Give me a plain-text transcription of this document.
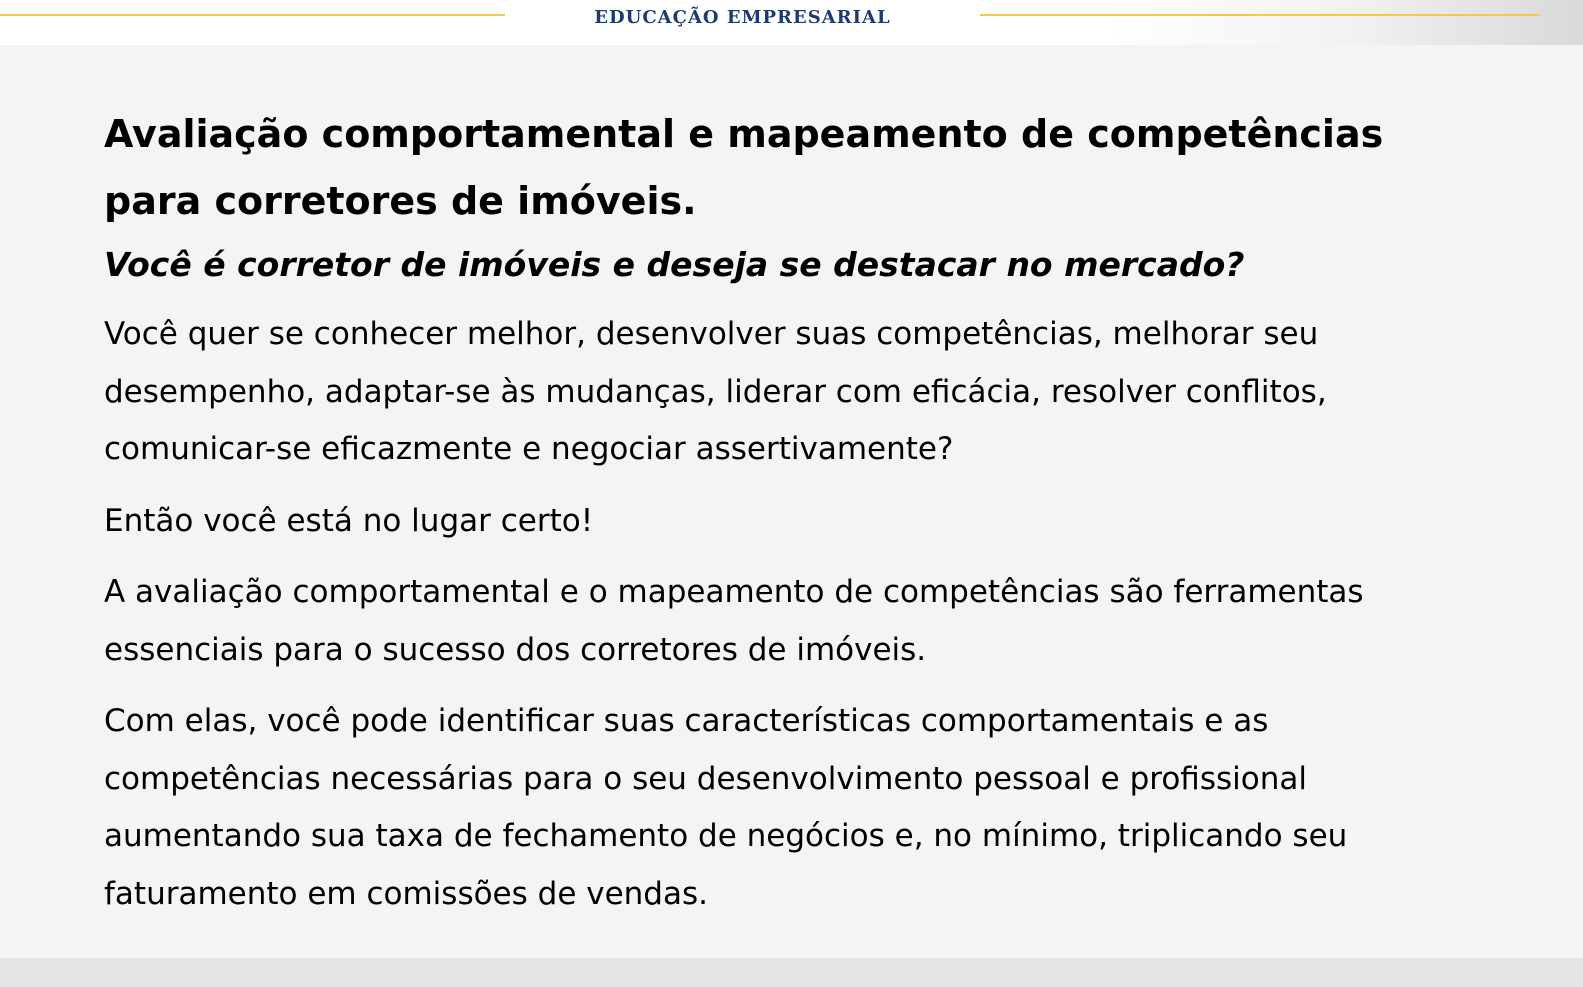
EDUCAÇÃO EMPRESARIAL
Avaliação comportamental e mapeamento de competências para corretores de imóveis.
Você é corretor de imóveis e deseja se destacar no mercado?

Você quer se conhecer melhor, desenvolver suas competências, melhorar seu desempenho, adaptar-se às mudanças, liderar com eficácia, resolver conflitos, comunicar-se eficazmente e negociar assertivamente?

Então você está no lugar certo!

A avaliação comportamental e o mapeamento de competências são ferramentas essenciais para o sucesso dos corretores de imóveis.

Com elas, você pode identificar suas características comportamentais e as competências necessárias para o seu desenvolvimento pessoal e profissional aumentando sua taxa de fechamento de negócios e, no mínimo, triplicando seu faturamento em comissões de vendas.
